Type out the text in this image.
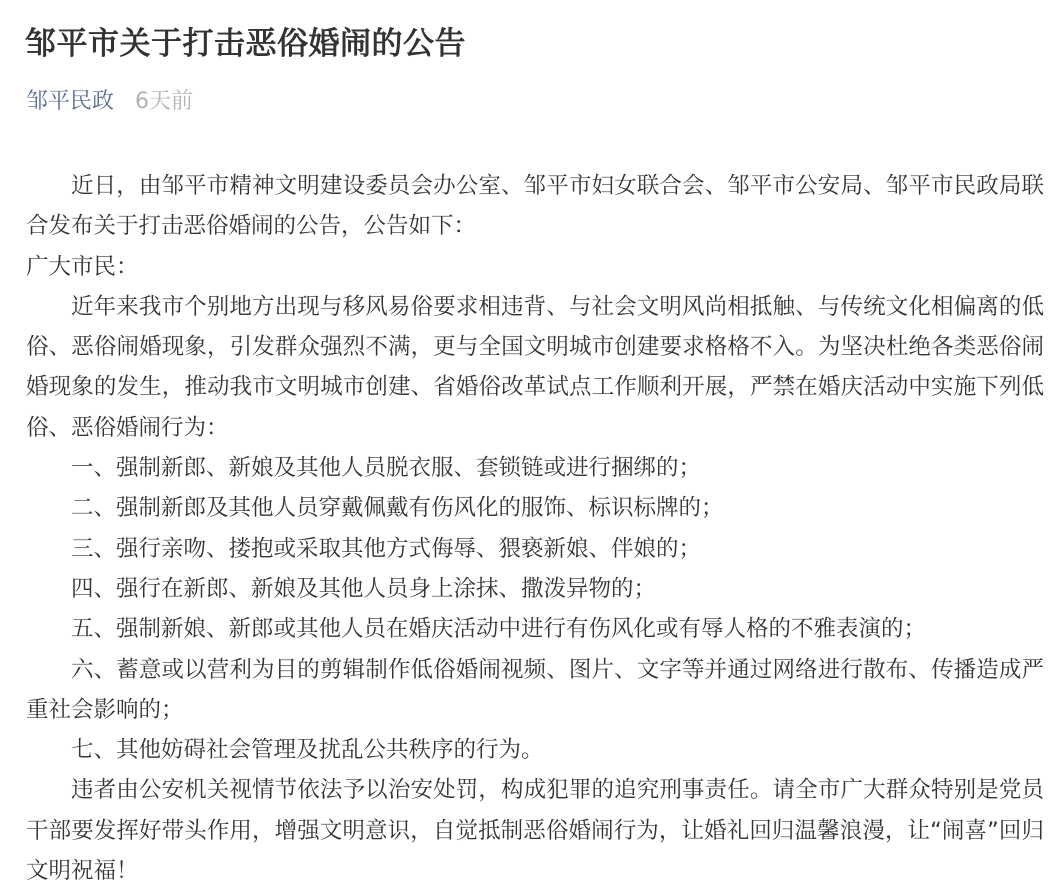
邹平市关于打击恶俗婚闹的公告
邹平民政 6天前

近日，由邹平市精神文明建设委员会办公室、邹平市妇女联合会、邹平市公安局、邹平市民政局联合发布关于打击恶俗婚闹的公告，公告如下：

广大市民：

近年来我市个别地方出现与移风易俗要求相违背、与社会文明风尚相抵触、与传统文化相偏离的低俗、恶俗闹婚现象，引发群众强烈不满，更与全国文明城市创建要求格格不入。为坚决杜绝各类恶俗闹婚现象的发生，推动我市文明城市创建、省婚俗改革试点工作顺利开展，严禁在婚庆活动中实施下列低俗、恶俗婚闹行为：

一、强制新郎、新娘及其他人员脱衣服、套锁链或进行捆绑的；

二、强制新郎及其他人员穿戴佩戴有伤风化的服饰、标识标牌的；

三、强行亲吻、搂抱或采取其他方式侮辱、猥亵新娘、伴娘的；

四、强行在新郎、新娘及其他人员身上涂抹、撒泼异物的；

五、强制新娘、新郎或其他人员在婚庆活动中进行有伤风化或有辱人格的不雅表演的；

六、蓄意或以营利为目的剪辑制作低俗婚闹视频、图片、文字等并通过网络进行散布、传播造成严重社会影响的；

七、其他妨碍社会管理及扰乱公共秩序的行为。

违者由公安机关视情节依法予以治安处罚，构成犯罪的追究刑事责任。请全市广大群众特别是党员干部要发挥好带头作用，增强文明意识，自觉抵制恶俗婚闹行为，让婚礼回归温馨浪漫，让“闹喜”回归文明祝福！
